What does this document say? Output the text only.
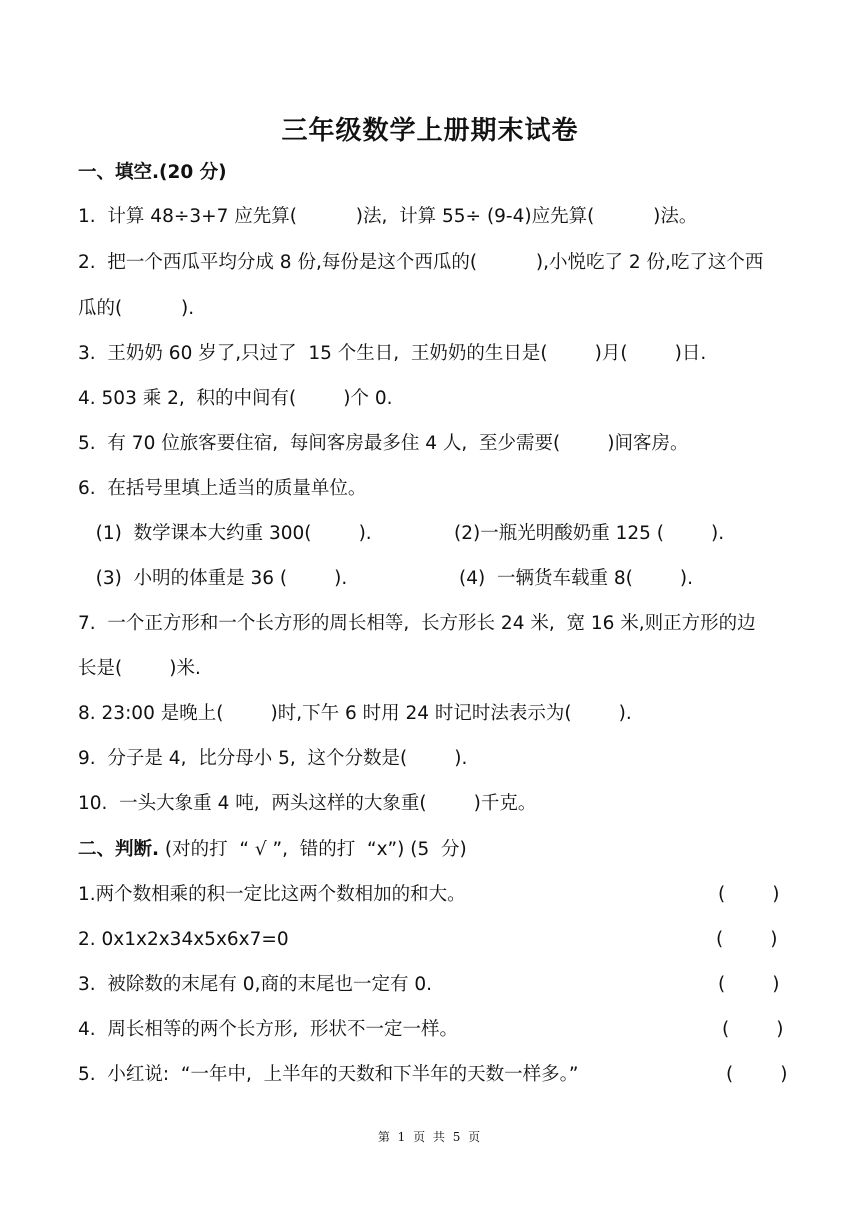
三年级数学上册期末试卷
一、填空.(20 分)
1.  计算 48÷3+7 应先算(          )法,  计算 55÷ (9-4)应先算(          )法。
2.  把一个西瓜平均分成 8 份,每份是这个西瓜的(          ),小悦吃了 2 份,吃了这个西
瓜的(          ).
3.  王奶奶 60 岁了,只过了  15 个生日,  王奶奶的生日是(        )月(        )日.
4. 503 乘 2,  积的中间有(        )个 0.
5.  有 70 位旅客要住宿,  每间客房最多住 4 人,  至少需要(        )间客房。
6.  在括号里填上适当的质量单位。
(1)  数学课本大约重 300(        ).              (2)一瓶光明酸奶重 125 (        ).
(3)  小明的体重是 36 (        ).                   (4)  一辆货车载重 8(        ).
7.  一个正方形和一个长方形的周长相等,  长方形长 24 米,  宽 16 米,则正方形的边
长是(        )米.
8. 23:00 是晚上(        )时,下午 6 时用 24 时记时法表示为(        ).
9.  分子是 4,  比分母小 5,  这个分数是(        ).
10.  一头大象重 4 吨,  两头这样的大象重(        )千克。
二、判断. (对的打  “ √ ”,  错的打  “x”) (5  分)
1.两个数相乘的积一定比这两个数相加的和大。	(        )
2. 0x1x2x34x5x6x7=0	(        )
3.  被除数的末尾有 0,商的末尾也一定有 0.	(        )
4.  周长相等的两个长方形,  形状不一定一样。	(        )
5.  小红说:  “一年中,  上半年的天数和下半年的天数一样多。”	(        )
第 1 页 共 5 页
